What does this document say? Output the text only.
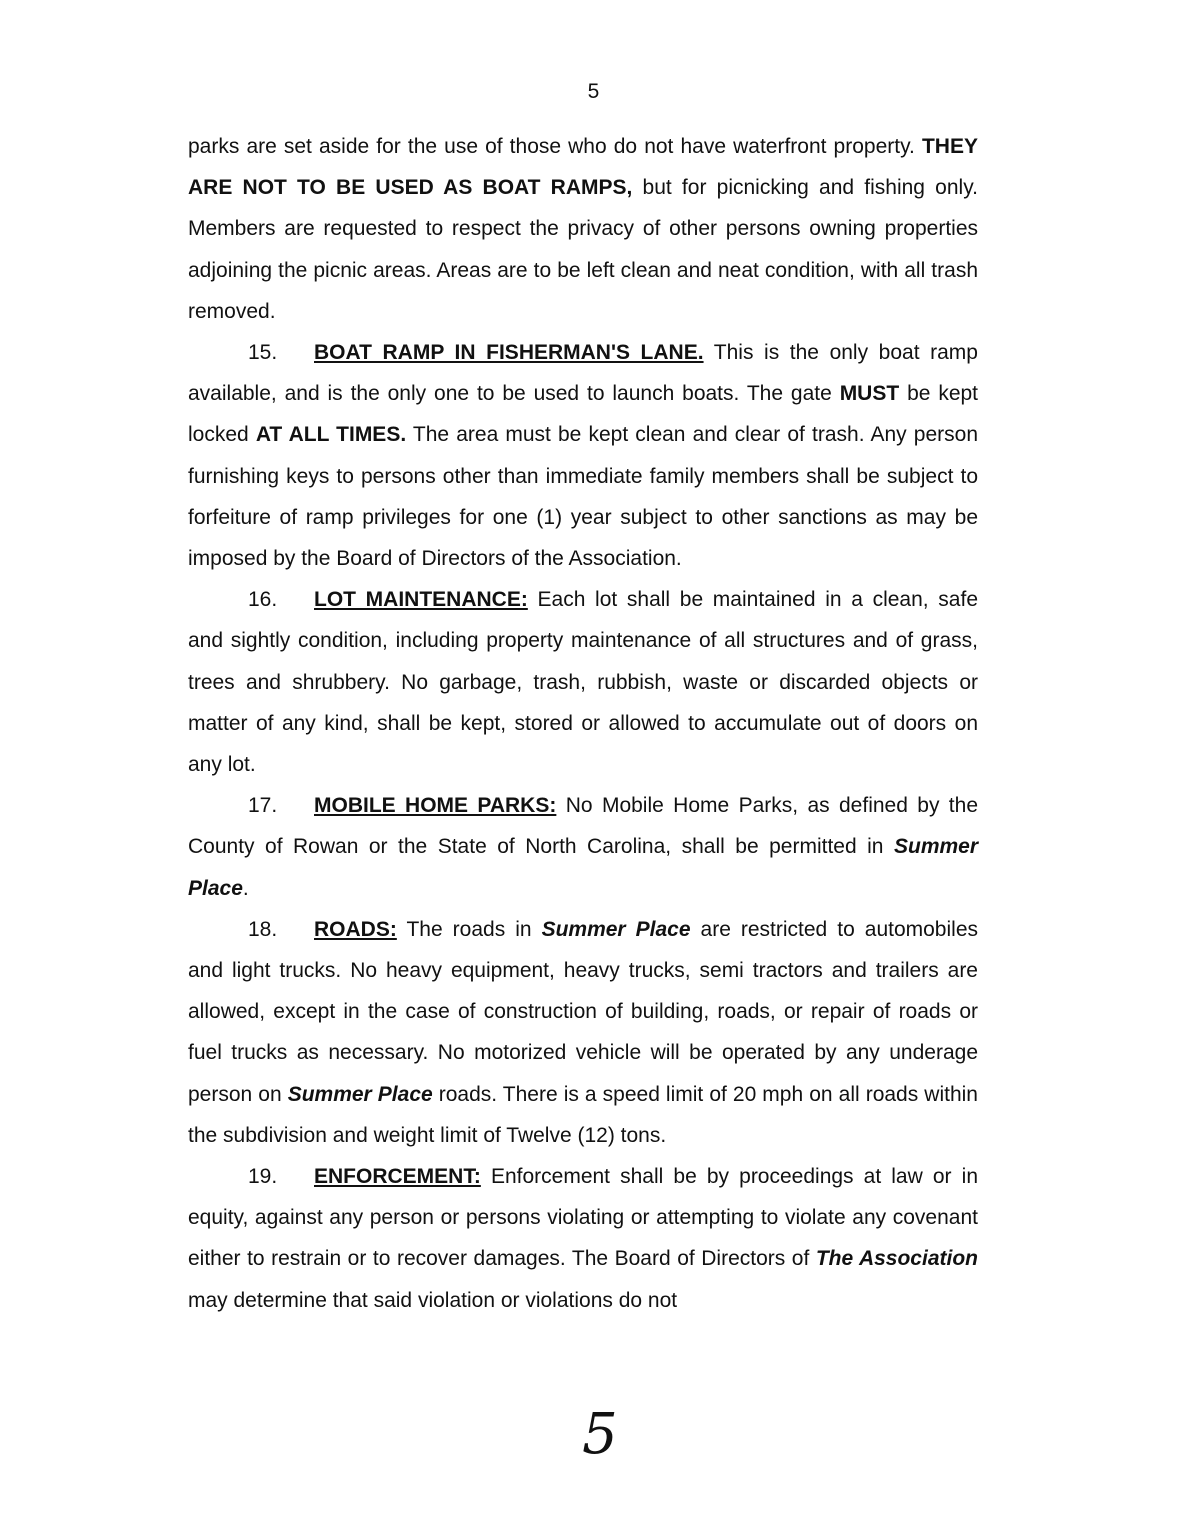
5

parks are set aside for the use of those who do not have waterfront property. THEY ARE NOT TO BE USED AS BOAT RAMPS, but for picnicking and fishing only. Members are requested to respect the privacy of other persons owning properties adjoining the picnic areas. Areas are to be left clean and neat condition, with all trash removed.

15. BOAT RAMP IN FISHERMAN'S LANE. This is the only boat ramp available, and is the only one to be used to launch boats. The gate MUST be kept locked AT ALL TIMES. The area must be kept clean and clear of trash. Any person furnishing keys to persons other than immediate family members shall be subject to forfeiture of ramp privileges for one (1) year subject to other sanctions as may be imposed by the Board of Directors of the Association.

16. LOT MAINTENANCE: Each lot shall be maintained in a clean, safe and sightly condition, including property maintenance of all structures and of grass, trees and shrubbery. No garbage, trash, rubbish, waste or discarded objects or matter of any kind, shall be kept, stored or allowed to accumulate out of doors on any lot.

17. MOBILE HOME PARKS: No Mobile Home Parks, as defined by the County of Rowan or the State of North Carolina, shall be permitted in Summer Place.

18. ROADS: The roads in Summer Place are restricted to automobiles and light trucks. No heavy equipment, heavy trucks, semi tractors and trailers are allowed, except in the case of construction of building, roads, or repair of roads or fuel trucks as necessary. No motorized vehicle will be operated by any underage person on Summer Place roads. There is a speed limit of 20 mph on all roads within the subdivision and weight limit of Twelve (12) tons.

19. ENFORCEMENT: Enforcement shall be by proceedings at law or in equity, against any person or persons violating or attempting to violate any covenant either to restrain or to recover damages. The Board of Directors of The Association may determine that said violation or violations do not

5
